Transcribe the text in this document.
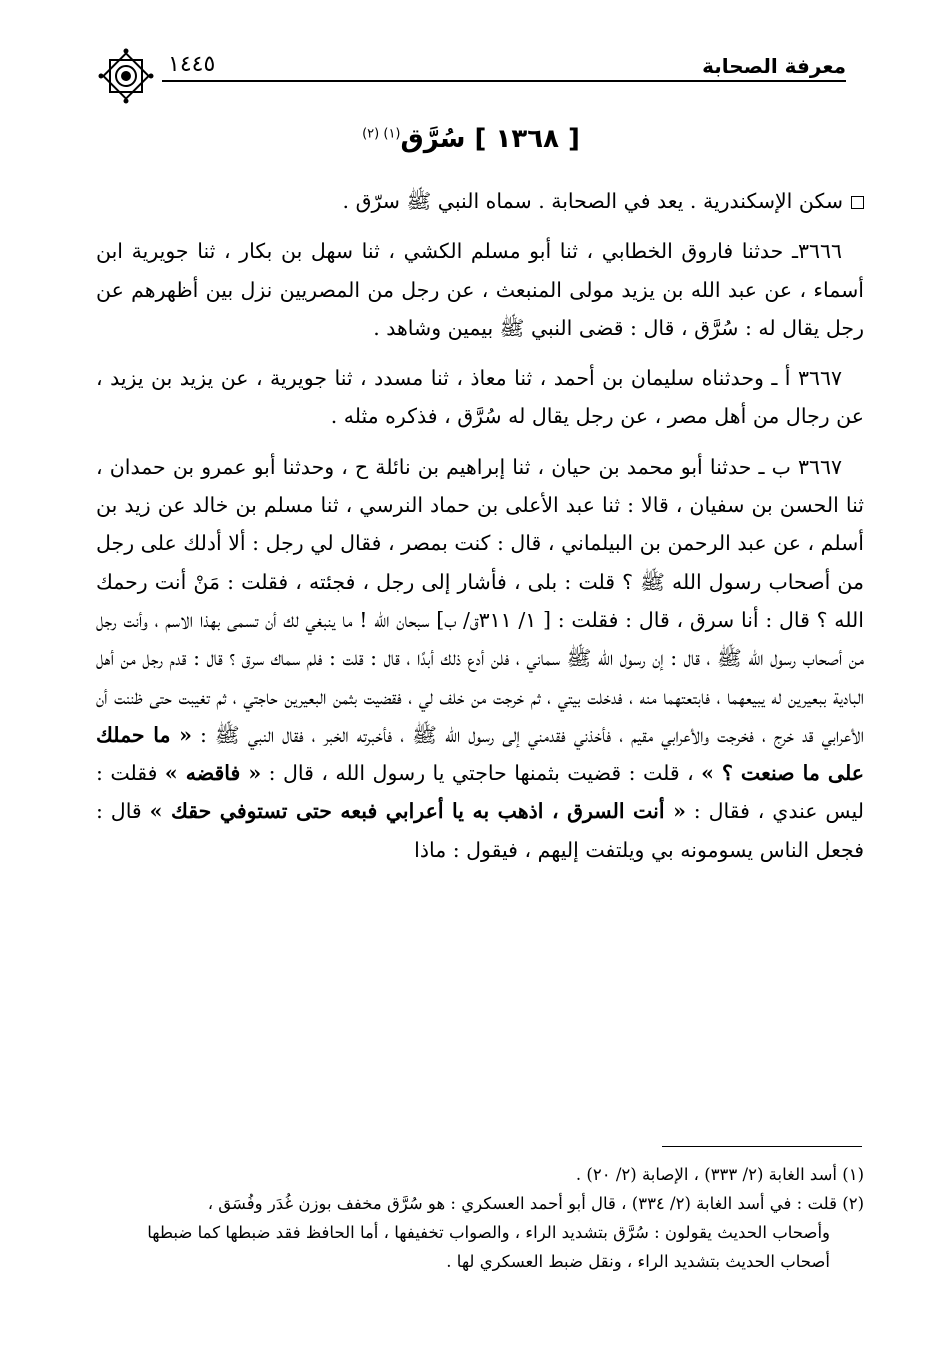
معرفة الصحابة
١٤٤٥
[ ١٣٦٨ ] سُرَّق$^{(١) (٢)}$

سكن الإسكندرية . يعد في الصحابة . سماه النبي ﷺ سرّق .

٣٦٦٦ـ حدثنا فاروق الخطابي ، ثنا أبو مسلم الكشي ، ثنا سهل بن بكار ، ثنا جويرية ابن أسماء ، عن عبد الله بن يزيد مولى المنبعث ، عن رجل من المصريين نزل بين أظهرهم عن رجل يقال له : سُرَّق ، قال : قضى النبي ﷺ بيمين وشاهد .

٣٦٦٧ أ ـ وحدثناه سليمان بن أحمد ، ثنا معاذ ، ثنا مسدد ، ثنا جويرية ، عن يزيد بن يزيد ، عن رجال من أهل مصر ، عن رجل يقال له سُرَّق ، فذكره مثله .

٣٦٦٧ ب ـ حدثنا أبو محمد بن حيان ، ثنا إبراهيم بن نائلة ح ، وحدثنا أبو عمرو بن حمدان ، ثنا الحسن بن سفيان ، قالا : ثنا عبد الأعلى بن حماد النرسي ، ثنا مسلم بن خالد عن زيد بن أسلم ، عن عبد الرحمن بن البيلماني ، قال : كنت بمصر ، فقال لي رجل : ألا أدلك على رجل من أصحاب رسول الله ﷺ ؟ قلت : بلى ، فأشار إلى رجل ، فجئته ، فقلت : مَنْ أنت رحمك الله ؟ قال : أنا سرق ، قال : فقلت : [ ١/ ٣١١ق/ ب] سبحان الله ! ما ينبغي لك أن تسمى بهذا الاسم ، وأنت رجل من أصحاب رسول الله ﷺ ، قال : إن رسول الله ﷺ سماني ، فلن أدع ذلك أبدًا ، قال : قلت : فلم سماك سرق ؟ قال : قدم رجل من أهل البادية ببعيرين له يبيعهما ، فابتعتهما منه ، فدخلت بيتي ، ثم خرجت من خلف لي ، فقضيت بثمن البعيرين حاجتي ، ثم تغيبت حتى ظننت أن الأعرابي قد خرج ، فخرجت والأعرابي مقيم ، فأخذني فقدمني إلى رسول الله ﷺ ، فأخبرته الخبر ، فقال النبي ﷺ : « ما حملك على ما صنعت ؟ » ، قلت : قضيت بثمنها حاجتي يا رسول الله ، قال : « فاقضه » فقلت : ليس عندي ، فقال : « أنت السرق ، اذهب به يا أعرابي فبعه حتى تستوفي حقك » قال : فجعل الناس يسومونه بي ويلتفت إليهم ، فيقول : ماذا

(١) أسد الغابة (٢/ ٣٣٣) ، الإصابة (٢/ ٢٠) .

(٢) قلت : في أسد الغابة (٢/ ٣٣٤) ، قال أبو أحمد العسكري : هو سُرَّق مخفف بوزن غُدَر وفُسَق ،

وأصحاب الحديث يقولون : سُرَّق بتشديد الراء ، والصواب تخفيفها ، أما الحافظ فقد ضبطها كما ضبطها أصحاب الحديث بتشديد الراء ، ونقل ضبط العسكري لها .
